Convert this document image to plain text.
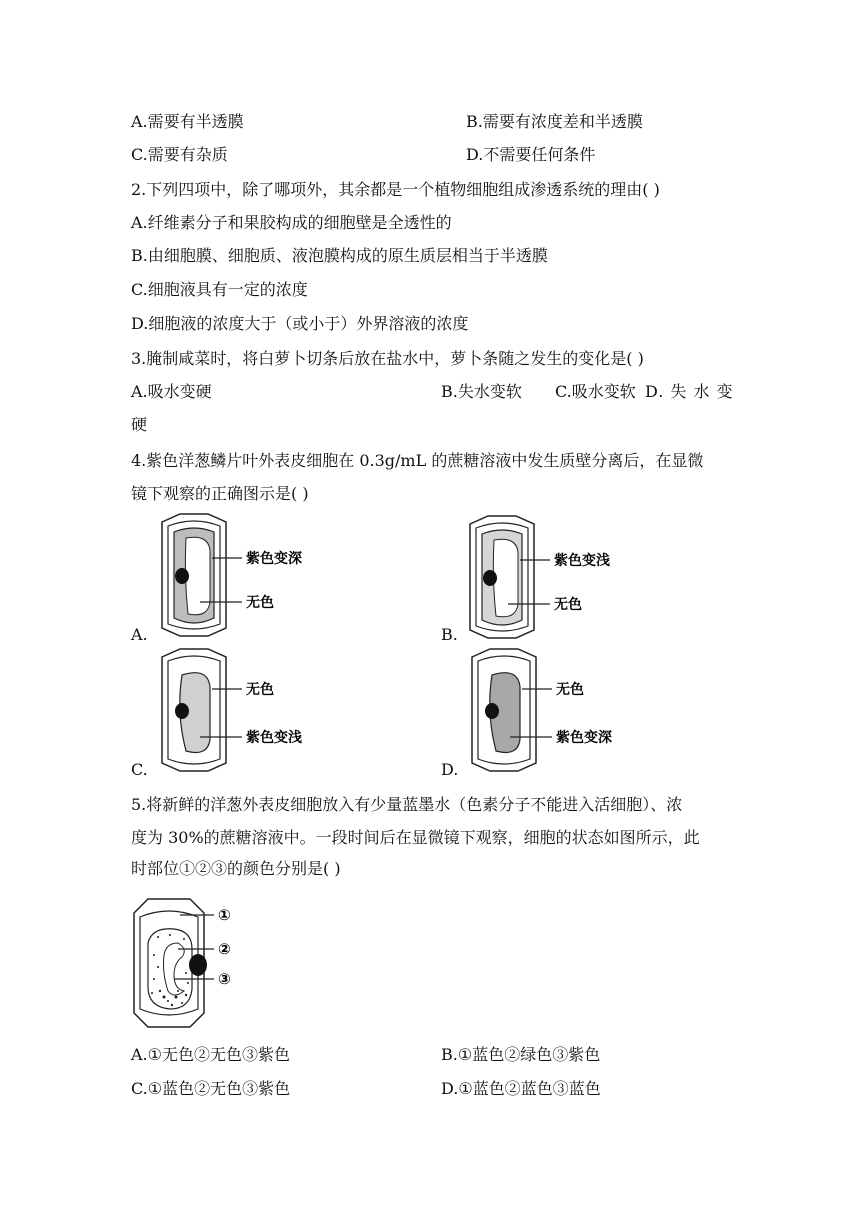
A.需要有半透膜	B.需要有浓度差和半透膜
C.需要有杂质	D.不需要任何条件
2.下列四项中，除了哪项外，其余都是一个植物细胞组成渗透系统的理由( )
A.纤维素分子和果胶构成的细胞壁是全透性的
B.由细胞膜、细胞质、液泡膜构成的原生质层相当于半透膜
C.细胞液具有一定的浓度
D.细胞液的浓度大于（或小于）外界溶液的浓度
3.腌制咸菜时，将白萝卜切条后放在盐水中，萝卜条随之发生的变化是( )
A.吸水变硬	B.失水变软 C.吸水变软 D. 失 水 变
硬
4.紫色洋葱鳞片叶外表皮细胞在 0.3g/mL 的蔗糖溶液中发生质壁分离后，在显微
镜下观察的正确图示是( )
A.
紫色变深
无色
B.
紫色变浅
无色
C.
无色
紫色变浅
D.
无色
紫色变深
5.将新鲜的洋葱外表皮细胞放入有少量蓝墨水（色素分子不能进入活细胞）、浓
度为 30%的蔗糖溶液中。一段时间后在显微镜下观察，细胞的状态如图所示，此
时部位①②③的颜色分别是( )
①
②
③
A.①无色②无色③紫色	B.①蓝色②绿色③紫色
C.①蓝色②无色③紫色	D.①蓝色②蓝色③蓝色
